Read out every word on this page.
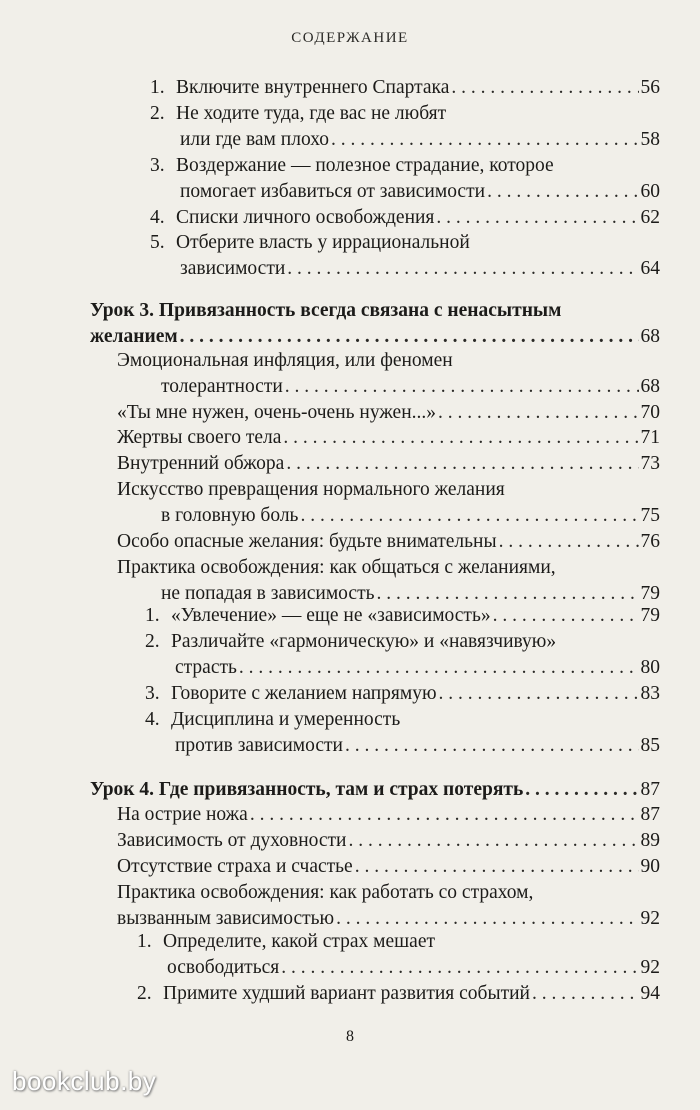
СОДЕРЖАНИЕ
1. Включите внутреннего Спартака . . .	56
2. Не ходите туда, где вас не любят
или где вам плохо . . .	58
3. Воздержание — полезное страдание, которое
помогает избавиться от зависимости . . .	60
4. Списки личного освобождения . . .	62
5. Отберите власть у иррациональной
зависимости . . .	64
Урок 3. Привязанность всегда связана с ненасытным
желанием . . .	68
Эмоциональная инфляция, или феномен
толерантности . . .	68
«Ты мне нужен, очень-очень нужен...» . . .	70
Жертвы своего тела . . .	71
Внутренний обжора . . .	73
Искусство превращения нормального желания
в головную боль . . .	75
Особо опасные желания: будьте внимательны . . .	76
Практика освобождения: как общаться с желаниями,
не попадая в зависимость . . .	79
1. «Увлечение» — еще не «зависимость» . . .	79
2. Различайте «гармоническую» и «навязчивую»
страсть . . .	80
3. Говорите с желанием напрямую . . .	83
4. Дисциплина и умеренность
против зависимости . . .	85
Урок 4. Где привязанность, там и страх потерять . . .	87
На острие ножа . . .	87
Зависимость от духовности . . .	89
Отсутствие страха и счастье . . .	90
Практика освобождения: как работать со страхом,
вызванным зависимостью . . .	92
1. Определите, какой страх мешает
освободиться . . .	92
2. Примите худший вариант развития событий . . .	94
8
bookclub.by
